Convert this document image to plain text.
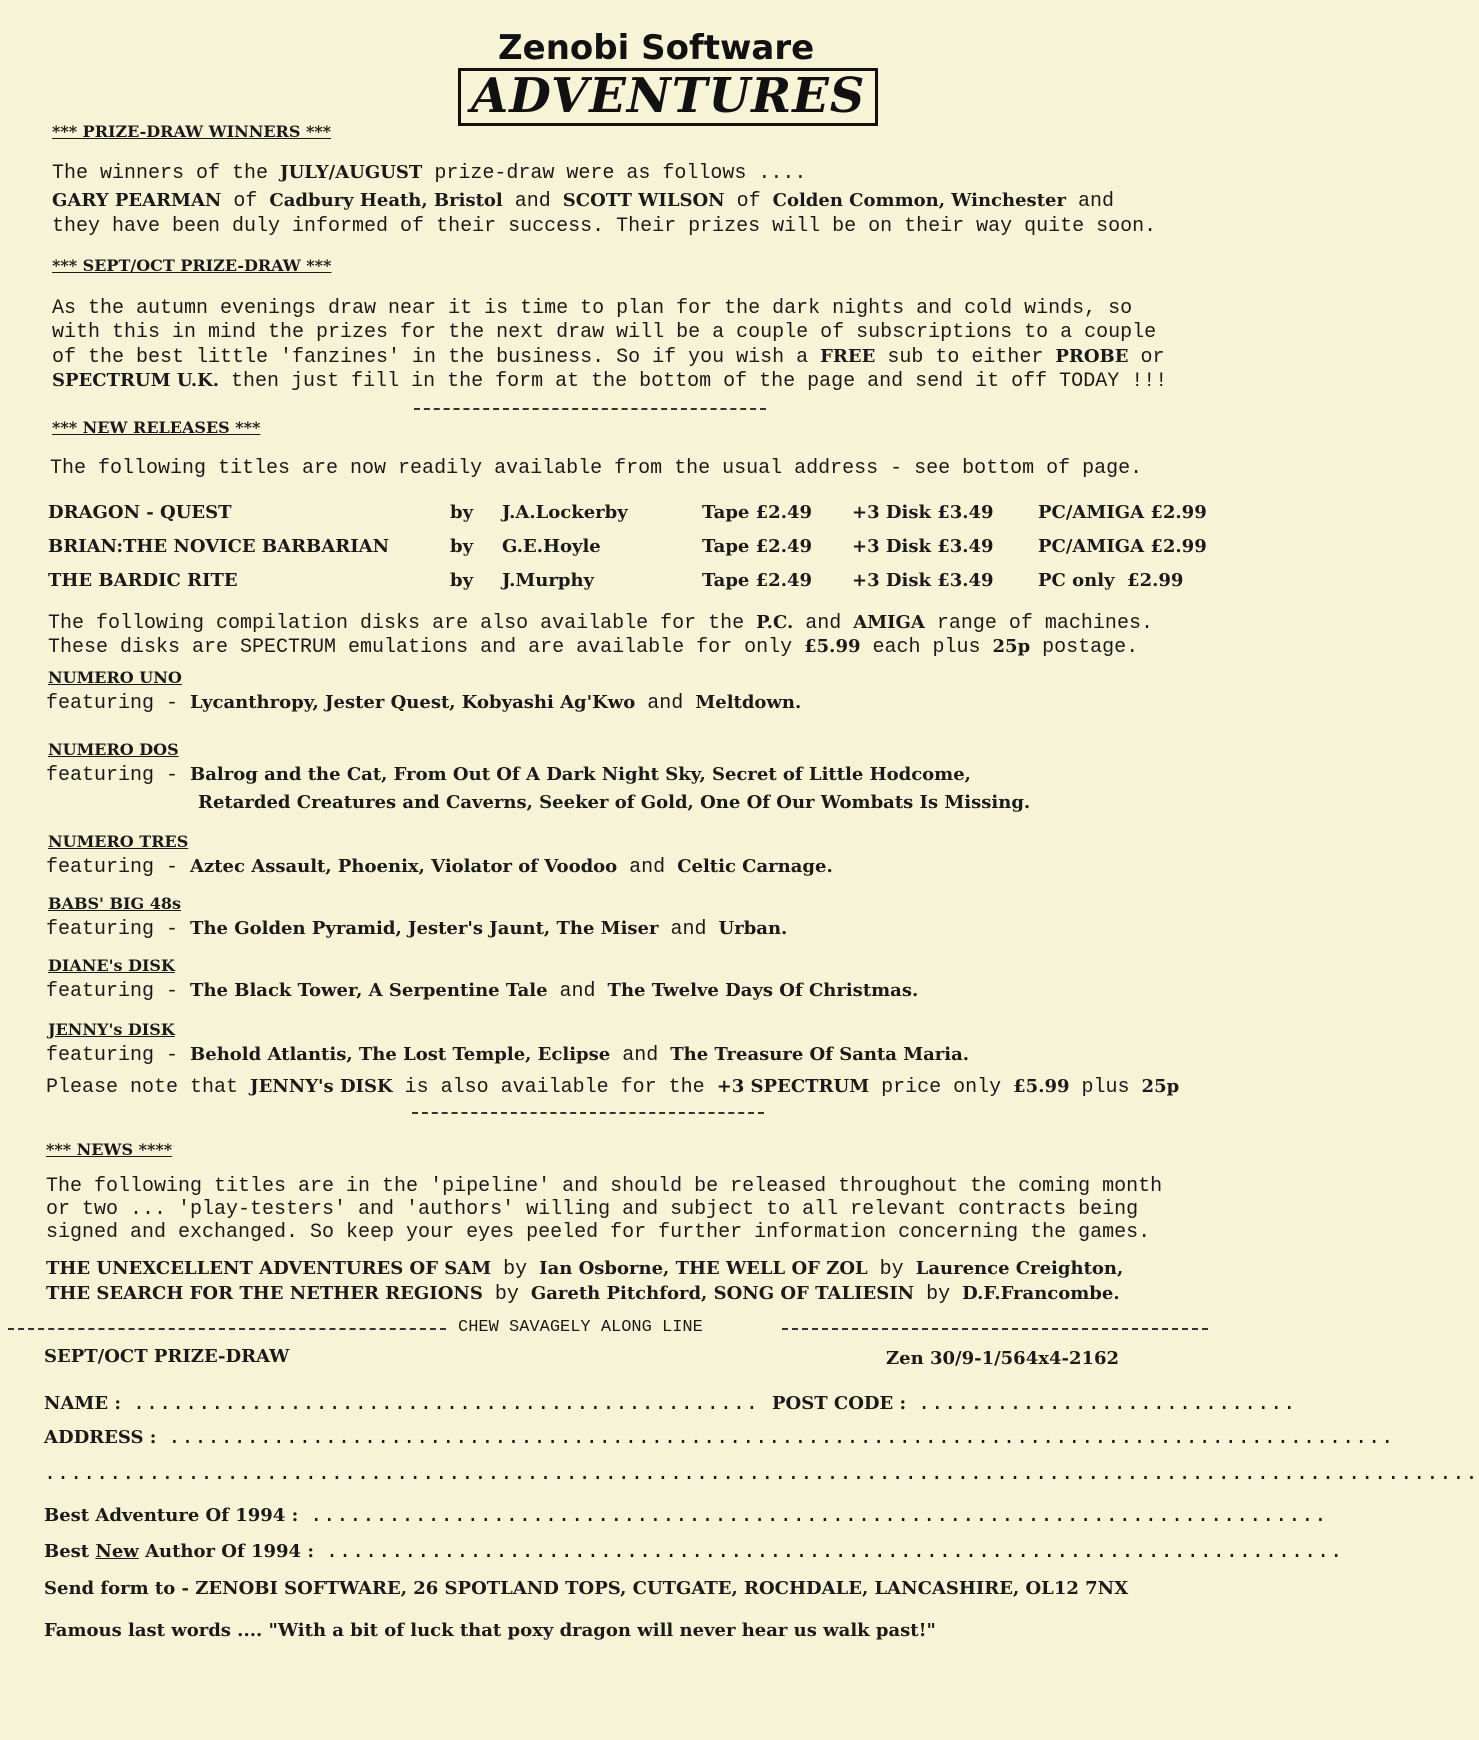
Zenobi Software
ADVENTURES
*** PRIZE-DRAW WINNERS ***
The winners of the JULY/AUGUST prize-draw were as follows ....
GARY PEARMAN of Cadbury Heath, Bristol and SCOTT WILSON of Colden Common, Winchester and
they have been duly informed of their success. Their prizes will be on their way quite soon.
*** SEPT/OCT PRIZE-DRAW ***
As the autumn evenings draw near it is time to plan for the dark nights and cold winds, so
with this in mind the prizes for the next draw will be a couple of subscriptions to a couple
of the best little 'fanzines' in the business. So if you wish a FREE sub to either PROBE or
SPECTRUM U.K. then just fill in the form at the bottom of the page and send it off TODAY !!!
*** NEW RELEASES ***
The following titles are now readily available from the usual address - see bottom of page.
DRAGON - QUEST	by J.A.Lockerby	Tape £2.49 +3 Disk £3.49 PC/AMIGA £2.99
BRIAN:THE NOVICE BARBARIAN	by G.E.Hoyle	Tape £2.49 +3 Disk £3.49 PC/AMIGA £2.99
THE BARDIC RITE	by J.Murphy	Tape £2.49 +3 Disk £3.49 PC only  £2.99
The following compilation disks are also available for the P.C. and AMIGA range of machines.
These disks are SPECTRUM emulations and are available for only £5.99 each plus 25p postage.
NUMERO UNO
featuring - Lycanthropy, Jester Quest, Kobyashi Ag'Kwo and Meltdown.
NUMERO DOS
featuring - Balrog and the Cat, From Out Of A Dark Night Sky, Secret of Little Hodcome,
Retarded Creatures and Caverns, Seeker of Gold, One Of Our Wombats Is Missing.
NUMERO TRES
featuring - Aztec Assault, Phoenix, Violator of Voodoo and Celtic Carnage.
BABS' BIG 48s
featuring - The Golden Pyramid, Jester's Jaunt, The Miser and Urban.
DIANE's DISK
featuring - The Black Tower, A Serpentine Tale and The Twelve Days Of Christmas.
JENNY's DISK
featuring - Behold Atlantis, The Lost Temple, Eclipse and The Treasure Of Santa Maria.
Please note that JENNY's DISK is also available for the +3 SPECTRUM price only £5.99 plus 25p
*** NEWS ****
The following titles are in the 'pipeline' and should be released throughout the coming month
or two ... 'play-testers' and 'authors' willing and subject to all relevant contracts being
signed and exchanged. So keep your eyes peeled for further information concerning the games.
THE UNEXCELLENT ADVENTURES OF SAM by Ian Osborne, THE WELL OF ZOL by Laurence Creighton,
THE SEARCH FOR THE NETHER REGIONS by Gareth Pitchford, SONG OF TALIESIN by D.F.Francombe.
CHEW SAVAGELY ALONG LINE
SEPT/OCT PRIZE-DRAW	Zen 30/9-1/564x4-2162
NAME : ................................................ POST CODE : .............................
ADDRESS : ..............................................................................................
..............................................................................................................
Best Adventure Of 1994 : ..............................................................................
Best New Author Of 1994 : ..............................................................................
Send form to - ZENOBI SOFTWARE, 26 SPOTLAND TOPS, CUTGATE, ROCHDALE, LANCASHIRE, OL12 7NX
Famous last words .... "With a bit of luck that poxy dragon will never hear us walk past!"
